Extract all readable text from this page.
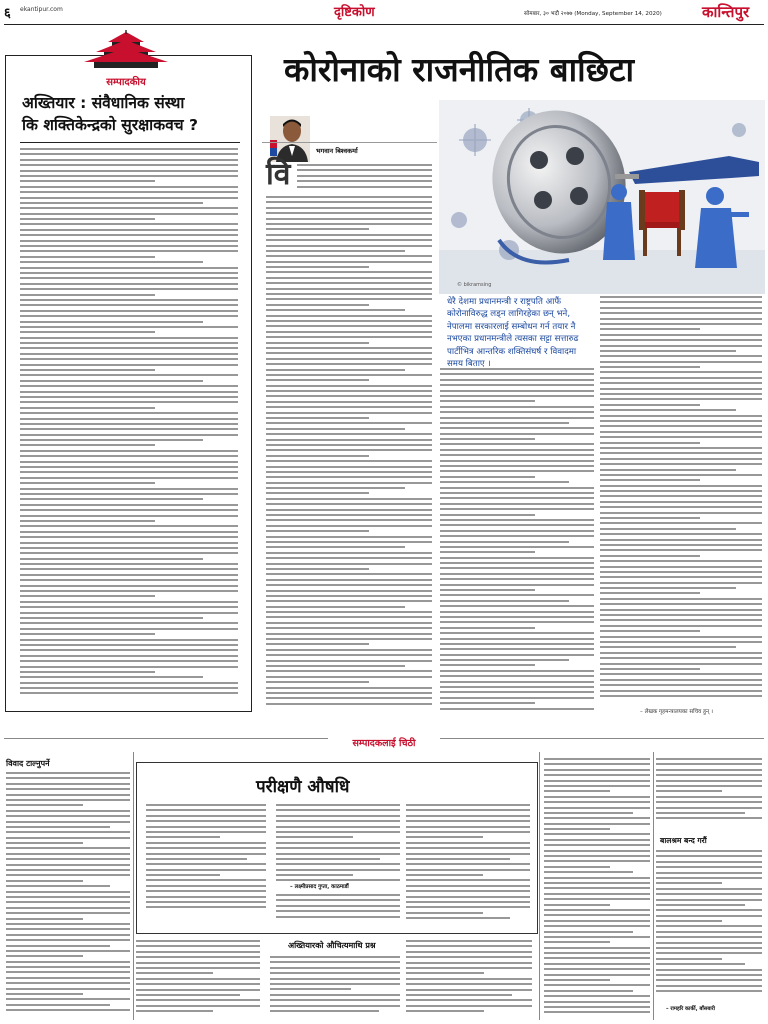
६ ekantipur.com	दृष्टिकोण	सोमबार, ३० भदौ २०७७ (Monday, September 14, 2020)	कान्तिपुर
सम्पादकीय
अख्तियार : संवैधानिक संस्था
कि शक्तिकेन्द्रको सुरक्षाकवच ?
कोरोनाको राजनीतिक बाछिटा
भगवान बिश्वकर्मा
वि
© bikramsing
धेरै देशमा प्रधानमन्त्री र राष्ट्रपति आफैं कोरोनाविरुद्ध लड्न लागिरहेका छन् भने, नेपालमा सरकारलाई सम्बोधन गर्न तयार नै नभएका प्रधानमन्त्रीले त्यसका सट्टा सत्तारुढ पार्टीभित्र आन्तरिक शक्तिसंघर्ष र विवादमा समय बिताए ।
– लेखक गृहमन्त्रालयका सचिव हुन् ।
सम्पादकलाई चिठी
विवाद टाल्नुपर्ने
परीक्षणै औषधि
– लक्ष्मीप्रसाद गुप्ता, काठमाडौं
अख्तियारको औचित्यमाथि प्रश्न
बालश्रम बन्द गरौं
– रामहरि कार्की, बाँसबारी
